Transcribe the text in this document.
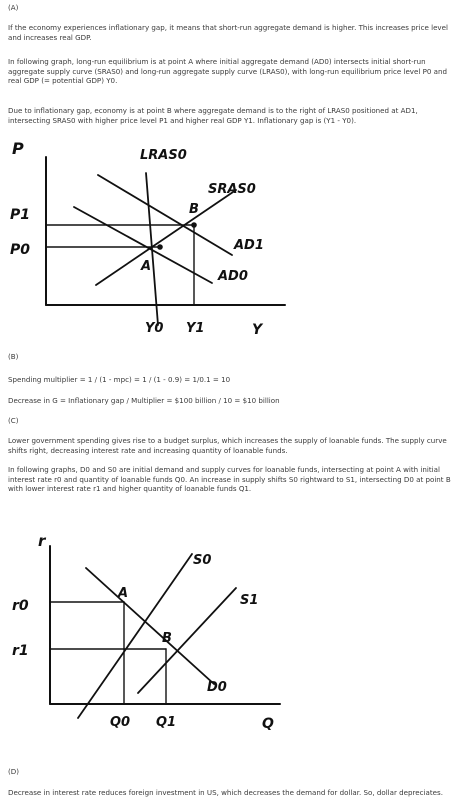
(A)

If the economy experiences inflationary gap, it means that short-run aggregate demand is higher. This increases price level and increases real GDP.

In following graph, long-run equilibrium is at point A where initial aggregate demand (AD0) intersects initial short-run aggregate supply curve (SRAS0) and long-run aggregate supply curve (LRAS0), with long-run equilibrium price level P0 and real GDP (= potential GDP) Y0.

Due to inflationary gap, economy is at point B where aggregate demand is to the right of LRAS0 positioned at AD1, intersecting SRAS0 with higher price level P1 and higher real GDP Y1. Inflationary gap is (Y1 - Y0).

P
P1
P0
LRAS0
SRAS0
AD1
AD0
A
B
Y0 Y1	Y

(B)

Spending multiplier = 1 / (1 - mpc) = 1 / (1 - 0.9) = 1/0.1 = 10

Decrease in G = Inflationary gap / Multiplier = $100 billion / 10 = $10 billion

(C)

Lower government spending gives rise to a budget surplus, which increases the supply of loanable funds. The supply curve shifts right, decreasing interest rate and increasing quantity of loanable funds.

In following graphs, D0 and S0 are initial demand and supply curves for loanable funds, intersecting at point A with initial interest rate r0 and quantity of loanable funds Q0. An increase in supply shifts S0 rightward to S1, intersecting D0 at point B with lower interest rate r1 and higher quantity of loanable funds Q1.

r
r0
r1
S0
S1
D0
A
B
Q0 Q1	Q

(D)

Decrease in interest rate reduces foreign investment in US, which decreases the demand for dollar. So, dollar depreciates.
